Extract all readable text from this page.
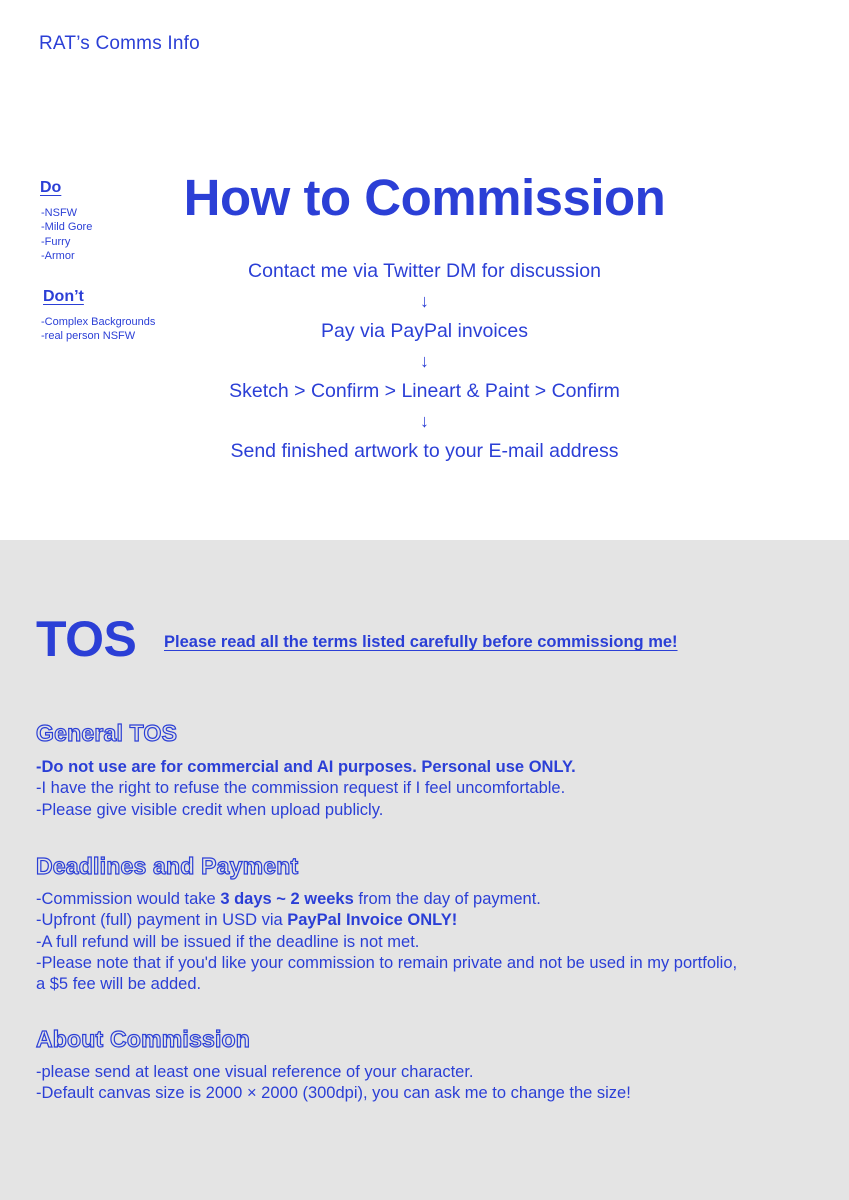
RAT’s Comms Info
Do
-NSFW
-Mild Gore
-Furry
-Armor
Don’t
-Complex Backgrounds
-real person NSFW
How to Commission
Contact me via Twitter DM for discussion
↓
Pay via PayPal invoices
↓
Sketch > Confirm > Lineart & Paint > Confirm
↓
Send finished artwork to your E-mail address
TOS Please read all the terms listed carefully before commissiong me!
General TOS
-Do not use are for commercial and AI purposes. Personal use ONLY.
-I have the right to refuse the commission request if I feel uncomfortable.
-Please give visible credit when upload publicly.
Deadlines and Payment
-Commission would take 3 days ~ 2 weeks from the day of payment.
-Upfront (full) payment in USD via PayPal Invoice ONLY!
-A full refund will be issued if the deadline is not met.
-Please note that if you'd like your commission to remain private and not be used in my portfolio,
a $5 fee will be added.
About Commission
-please send at least one visual reference of your character.
-Default canvas size is 2000 × 2000 (300dpi), you can ask me to change the size!
